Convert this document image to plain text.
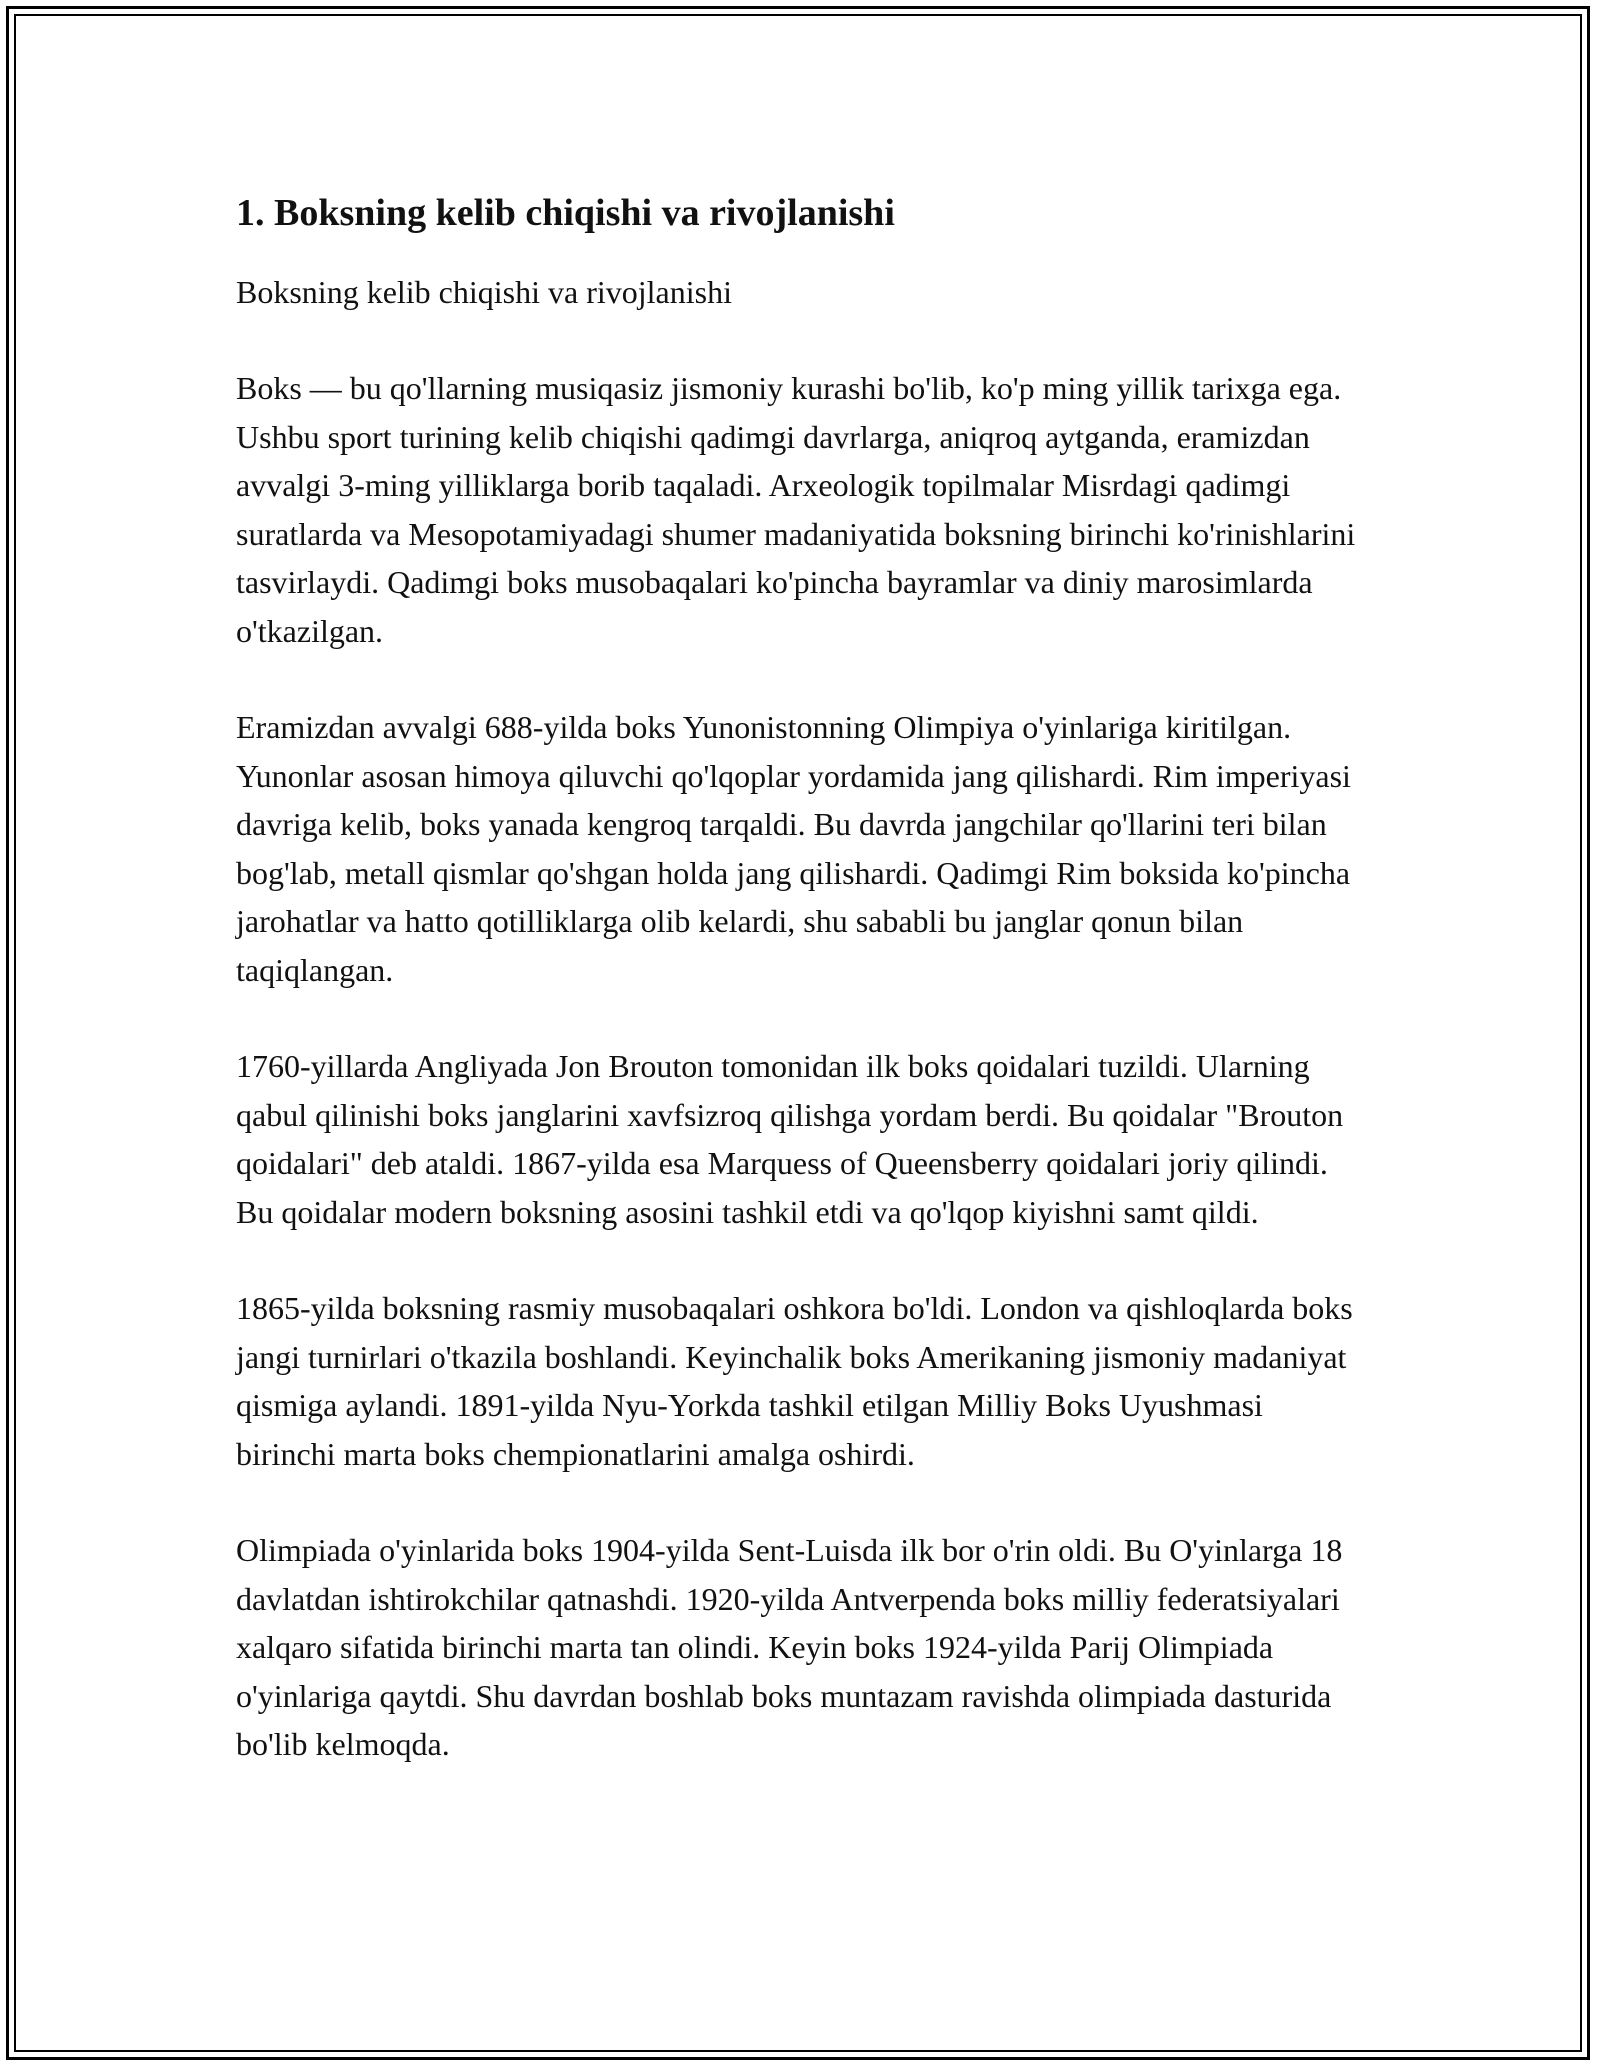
1. Boksning kelib chiqishi va rivojlanishi

Boksning kelib chiqishi va rivojlanishi

Boks — bu qo'llarning musiqasiz jismoniy kurashi bo'lib, ko'p ming yillik tarixga ega. Ushbu sport turining kelib chiqishi qadimgi davrlarga, aniqroq aytganda, eramizdan avvalgi 3-ming yilliklarga borib taqaladi. Arxeologik topilmalar Misrdagi qadimgi suratlarda va Mesopotamiyadagi shumer madaniyatida boksning birinchi ko'rinishlarini tasvirlaydi. Qadimgi boks musobaqalari ko'pincha bayramlar va diniy marosimlarda o'tkazilgan.

Eramizdan avvalgi 688-yilda boks Yunonistonning Olimpiya o'yinlariga kiritilgan. Yunonlar asosan himoya qiluvchi qo'lqoplar yordamida jang qilishardi. Rim imperiyasi davriga kelib, boks yanada kengroq tarqaldi. Bu davrda jangchilar qo'llarini teri bilan bog'lab, metall qismlar qo'shgan holda jang qilishardi. Qadimgi Rim boksida ko'pincha jarohatlar va hatto qotilliklarga olib kelardi, shu sababli bu janglar qonun bilan taqiqlangan.

1760-yillarda Angliyada Jon Brouton tomonidan ilk boks qoidalari tuzildi. Ularning qabul qilinishi boks janglarini xavfsizroq qilishga yordam berdi. Bu qoidalar "Brouton qoidalari" deb ataldi. 1867-yilda esa Marquess of Queensberry qoidalari joriy qilindi. Bu qoidalar modern boksning asosini tashkil etdi va qo'lqop kiyishni samt qildi.

1865-yilda boksning rasmiy musobaqalari oshkora bo'ldi. London va qishloqlarda boks jangi turnirlari o'tkazila boshlandi. Keyinchalik boks Amerikaning jismoniy madaniyat qismiga aylandi. 1891-yilda Nyu-Yorkda tashkil etilgan Milliy Boks Uyushmasi birinchi marta boks chempionatlarini amalga oshirdi.

Olimpiada o'yinlarida boks 1904-yilda Sent-Luisda ilk bor o'rin oldi. Bu O'yinlarga 18 davlatdan ishtirokchilar qatnashdi. 1920-yilda Antverpenda boks milliy federatsiyalari xalqaro sifatida birinchi marta tan olindi. Keyin boks 1924-yilda Parij Olimpiada o'yinlariga qaytdi. Shu davrdan boshlab boks muntazam ravishda olimpiada dasturida bo'lib kelmoqda.
